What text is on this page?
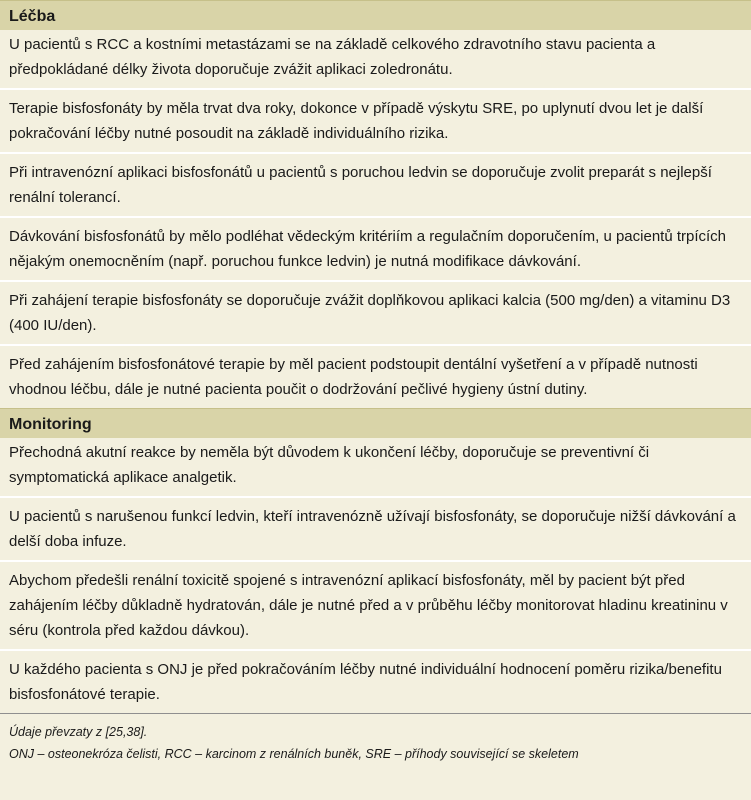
Léčba
U pacientů s RCC a kostními metastázami se na základě celkového zdravotního stavu pacienta a předpokládané délky života doporučuje zvážit aplikaci zoledronátu.
Terapie bisfosfonáty by měla trvat dva roky, dokonce v případě výskytu SRE, po uplynutí dvou let je další pokračování léčby nutné posoudit na základě individuálního rizika.
Při intravenózní aplikaci bisfosfonátů u pacientů s poruchou ledvin se doporučuje zvolit preparát s nejlepší renální tolerancí.
Dávkování bisfosfonátů by mělo podléhat vědeckým kritériím a regulačním doporučením, u pacientů trpících nějakým onemocněním (např. poruchou funkce ledvin) je nutná modifikace dávkování.
Při zahájení terapie bisfosfonáty se doporučuje zvážit doplňkovou aplikaci kalcia (500 mg/den) a vitaminu D3 (400 IU/den).
Před zahájením bisfosfonátové terapie by měl pacient podstoupit dentální vyšetření a v případě nutnosti vhodnou léčbu, dále je nutné pacienta poučit o dodržování pečlivé hygieny ústní dutiny.
Monitoring
Přechodná akutní reakce by neměla být důvodem k ukončení léčby, doporučuje se preventivní či symptomatická aplikace analgetik.
U pacientů s narušenou funkcí ledvin, kteří intravenózně užívají bisfosfonáty, se doporučuje nižší dávkování a delší doba infuze.
Abychom předešli renální toxicitě spojené s intravenózní aplikací bisfosfonáty, měl by pacient být před zahájením léčby důkladně hydratován, dále je nutné před a v průběhu léčby monitorovat hladinu kreatininu v séru (kontrola před každou dávkou).
U každého pacienta s ONJ je před pokračováním léčby nutné individuální hodnocení poměru rizika/benefitu bisfosfonátové terapie.
Údaje převzaty z [25,38].
ONJ – osteonekróza čelisti, RCC – karcinom z renálních buněk, SRE – příhody související se skeletem
